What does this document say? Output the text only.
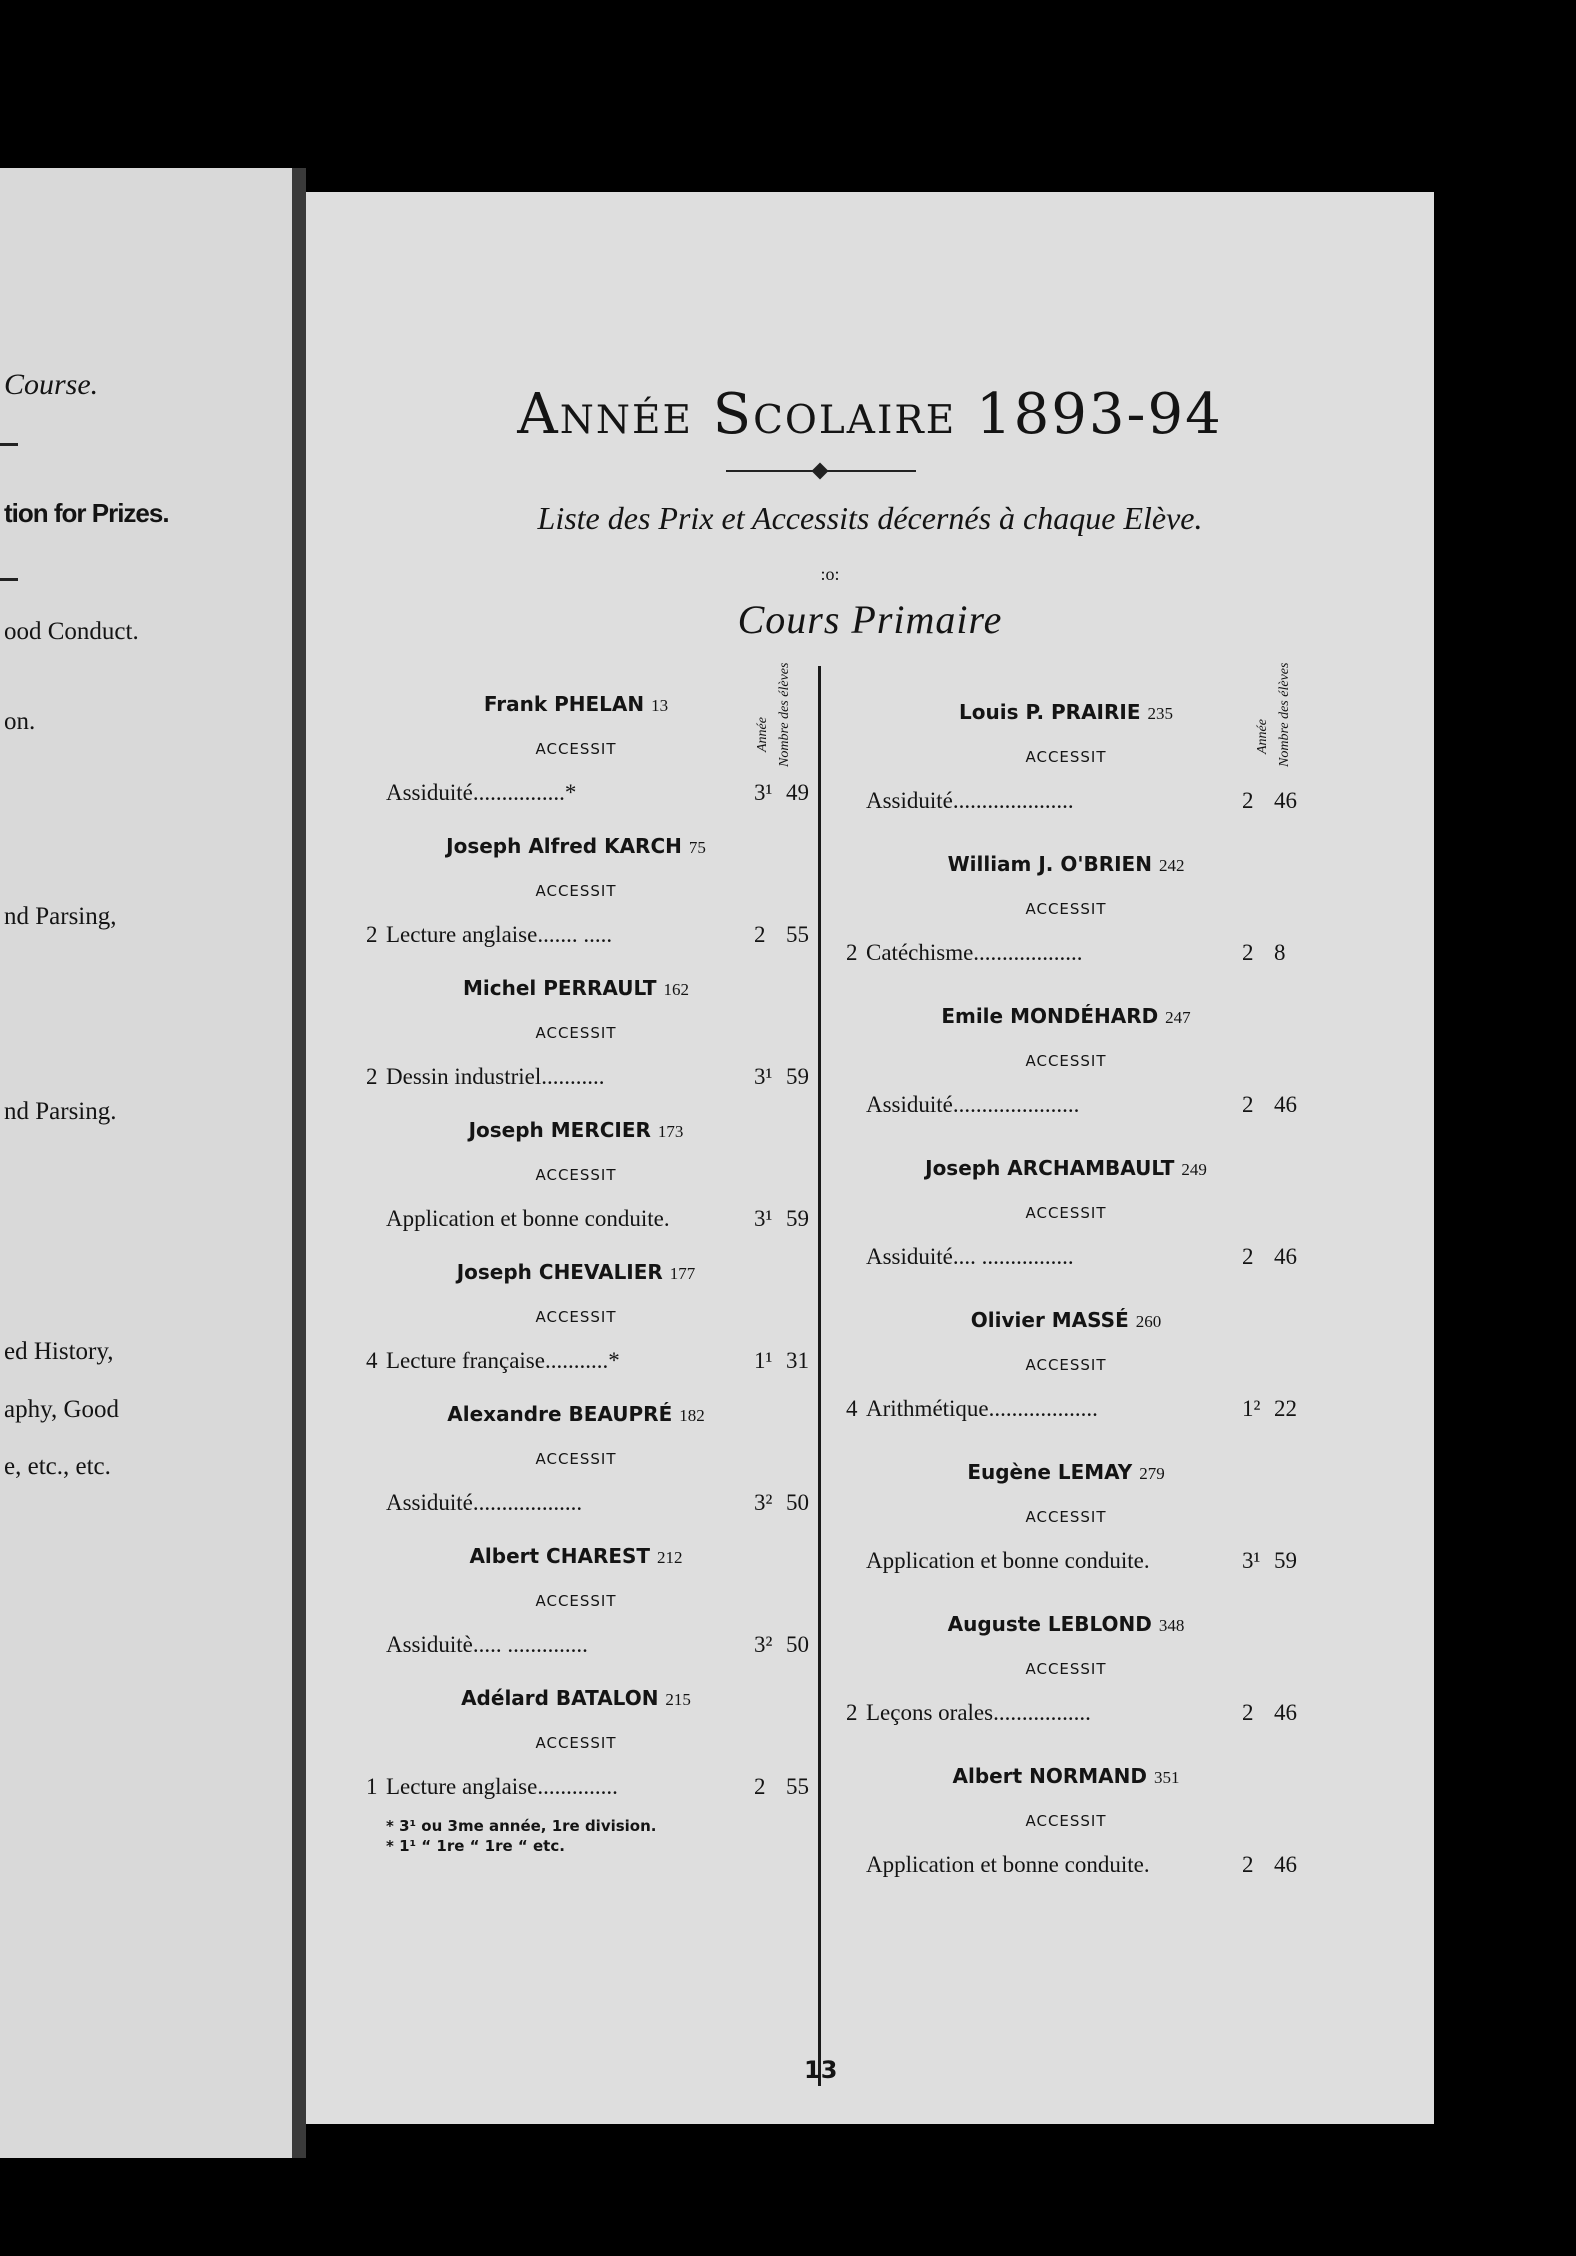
Course.
tion for Prizes.
ood Conduct.
on.
nd Parsing,
nd Parsing.
ed History,
aphy, Good
e, etc., etc.
Année Scolaire 1893-94
Liste des Prix et Accessits décernés à chaque Elève.
:o:
Cours Primaire
Année Nombre des élèves
Frank PHELAN 13
ACCESSIT
Assiduité................*	3¹ 49
Joseph Alfred KARCH 75
ACCESSIT
2 Lecture anglaise....... .....	2 55
Michel PERRAULT 162
ACCESSIT
2 Dessin industriel...........	3¹ 59
Joseph MERCIER 173
ACCESSIT
Application et bonne conduite.	3¹ 59
Joseph CHEVALIER 177
ACCESSIT
4 Lecture française...........*	1¹ 31
Alexandre BEAUPRÉ 182
ACCESSIT
Assiduité...................	3² 50
Albert CHAREST 212
ACCESSIT
Assiduitè..... ..............	3² 50
Adélard BATALON 215
ACCESSIT
1 Lecture anglaise..............	2 55
Année Nombre des élèves
Louis P. PRAIRIE 235
ACCESSIT
Assiduité.....................	2 46
William J. O'BRIEN 242
ACCESSIT
2 Catéchisme...................	2 8
Emile MONDÉHARD 247
ACCESSIT
Assiduité......................	2 46
Joseph ARCHAMBAULT 249
ACCESSIT
Assiduité.... ................	2 46
Olivier MASSÉ 260
ACCESSIT
4 Arithmétique...................	1² 22
Eugène LEMAY 279
ACCESSIT
Application et bonne conduite.	3¹ 59
Auguste LEBLOND 348
ACCESSIT
2 Leçons orales.................	2 46
Albert NORMAND 351
ACCESSIT
Application et bonne conduite.	2 46
* 3¹ ou 3me année, 1re division.
* 1¹ “ 1re “ 1re “ etc.
13
